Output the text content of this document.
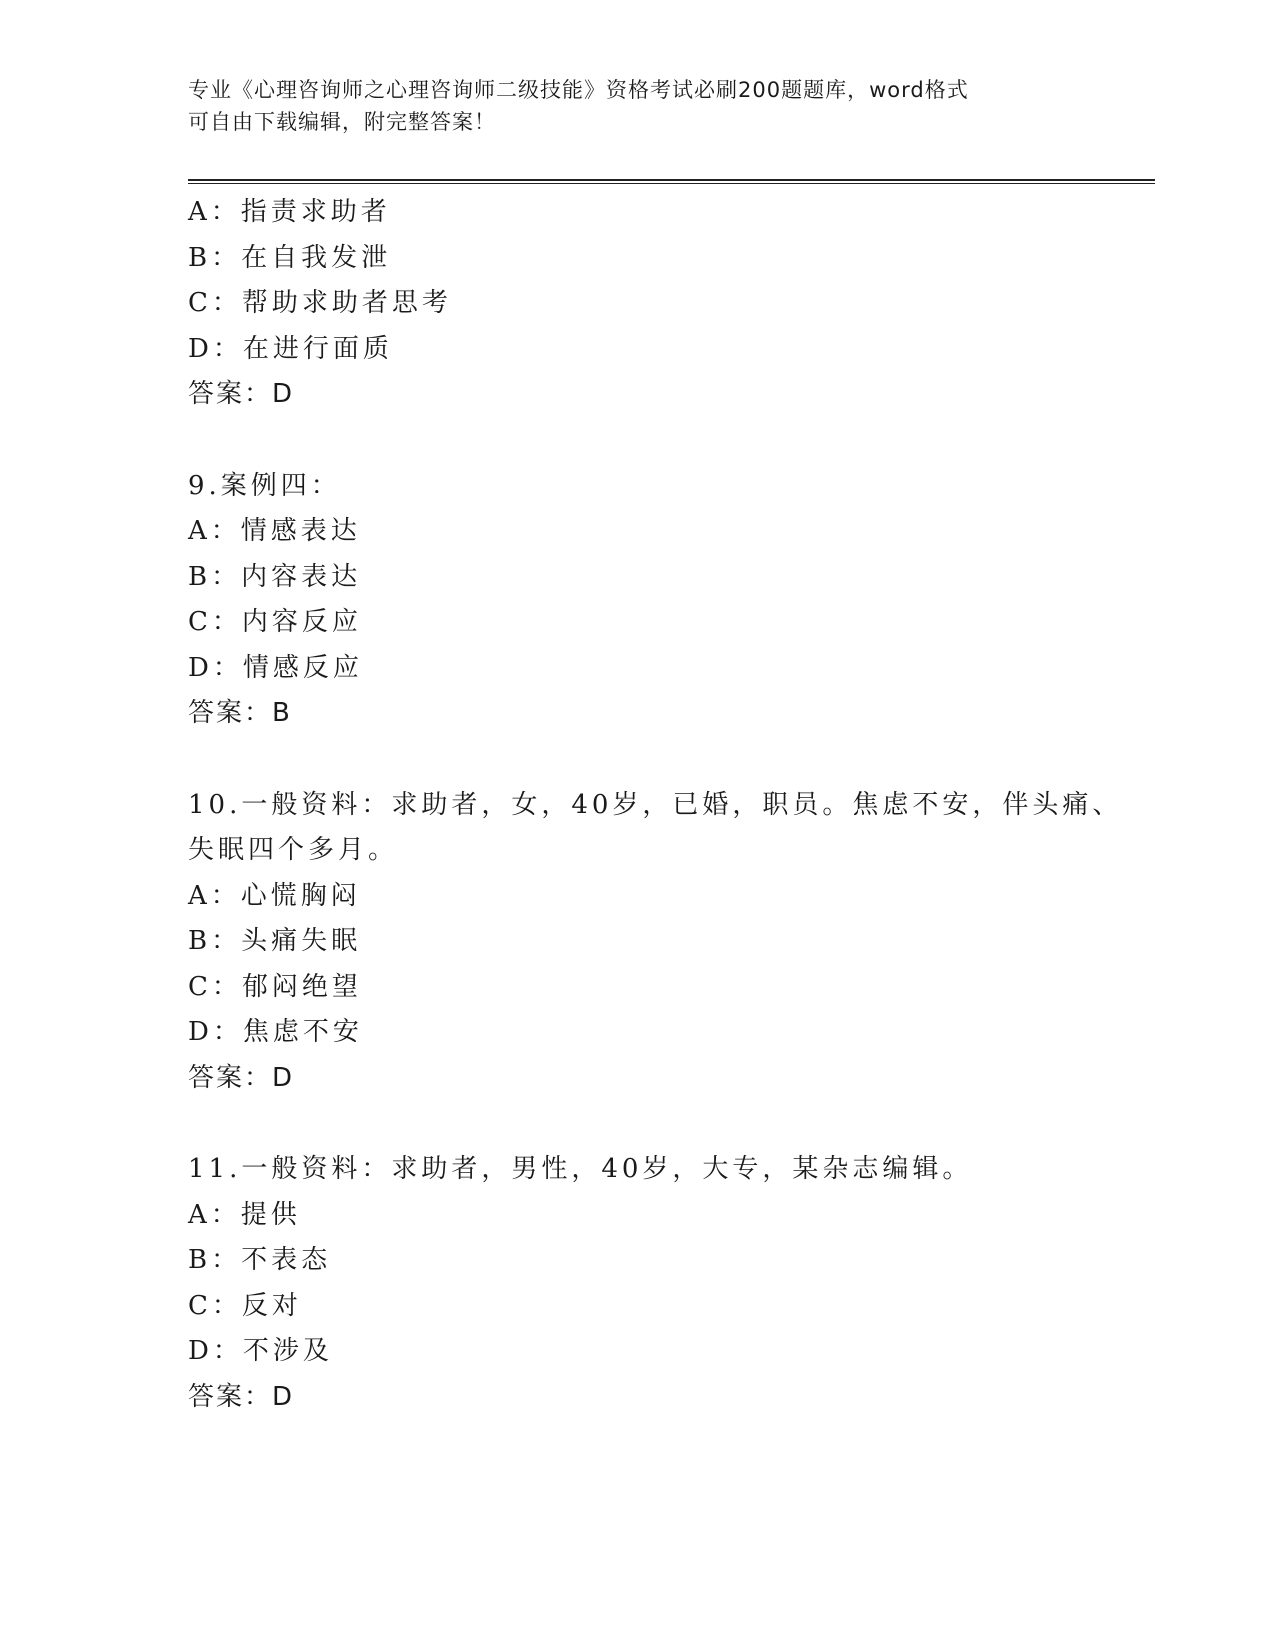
专业《心理咨询师之心理咨询师二级技能》资格考试必刷200题题库，word格式
可自由下载编辑，附完整答案！
A：指责求助者
B：在自我发泄
C：帮助求助者思考
D：在进行面质
答案：D
9.案例四：
A：情感表达
B：内容表达
C：内容反应
D：情感反应
答案：B
10.一般资料：求助者，女，40岁，已婚，职员。焦虑不安，伴头痛、
失眠四个多月。
A：心慌胸闷
B：头痛失眠
C：郁闷绝望
D：焦虑不安
答案：D
11.一般资料：求助者，男性，40岁，大专，某杂志编辑。
A：提供
B：不表态
C：反对
D：不涉及
答案：D
